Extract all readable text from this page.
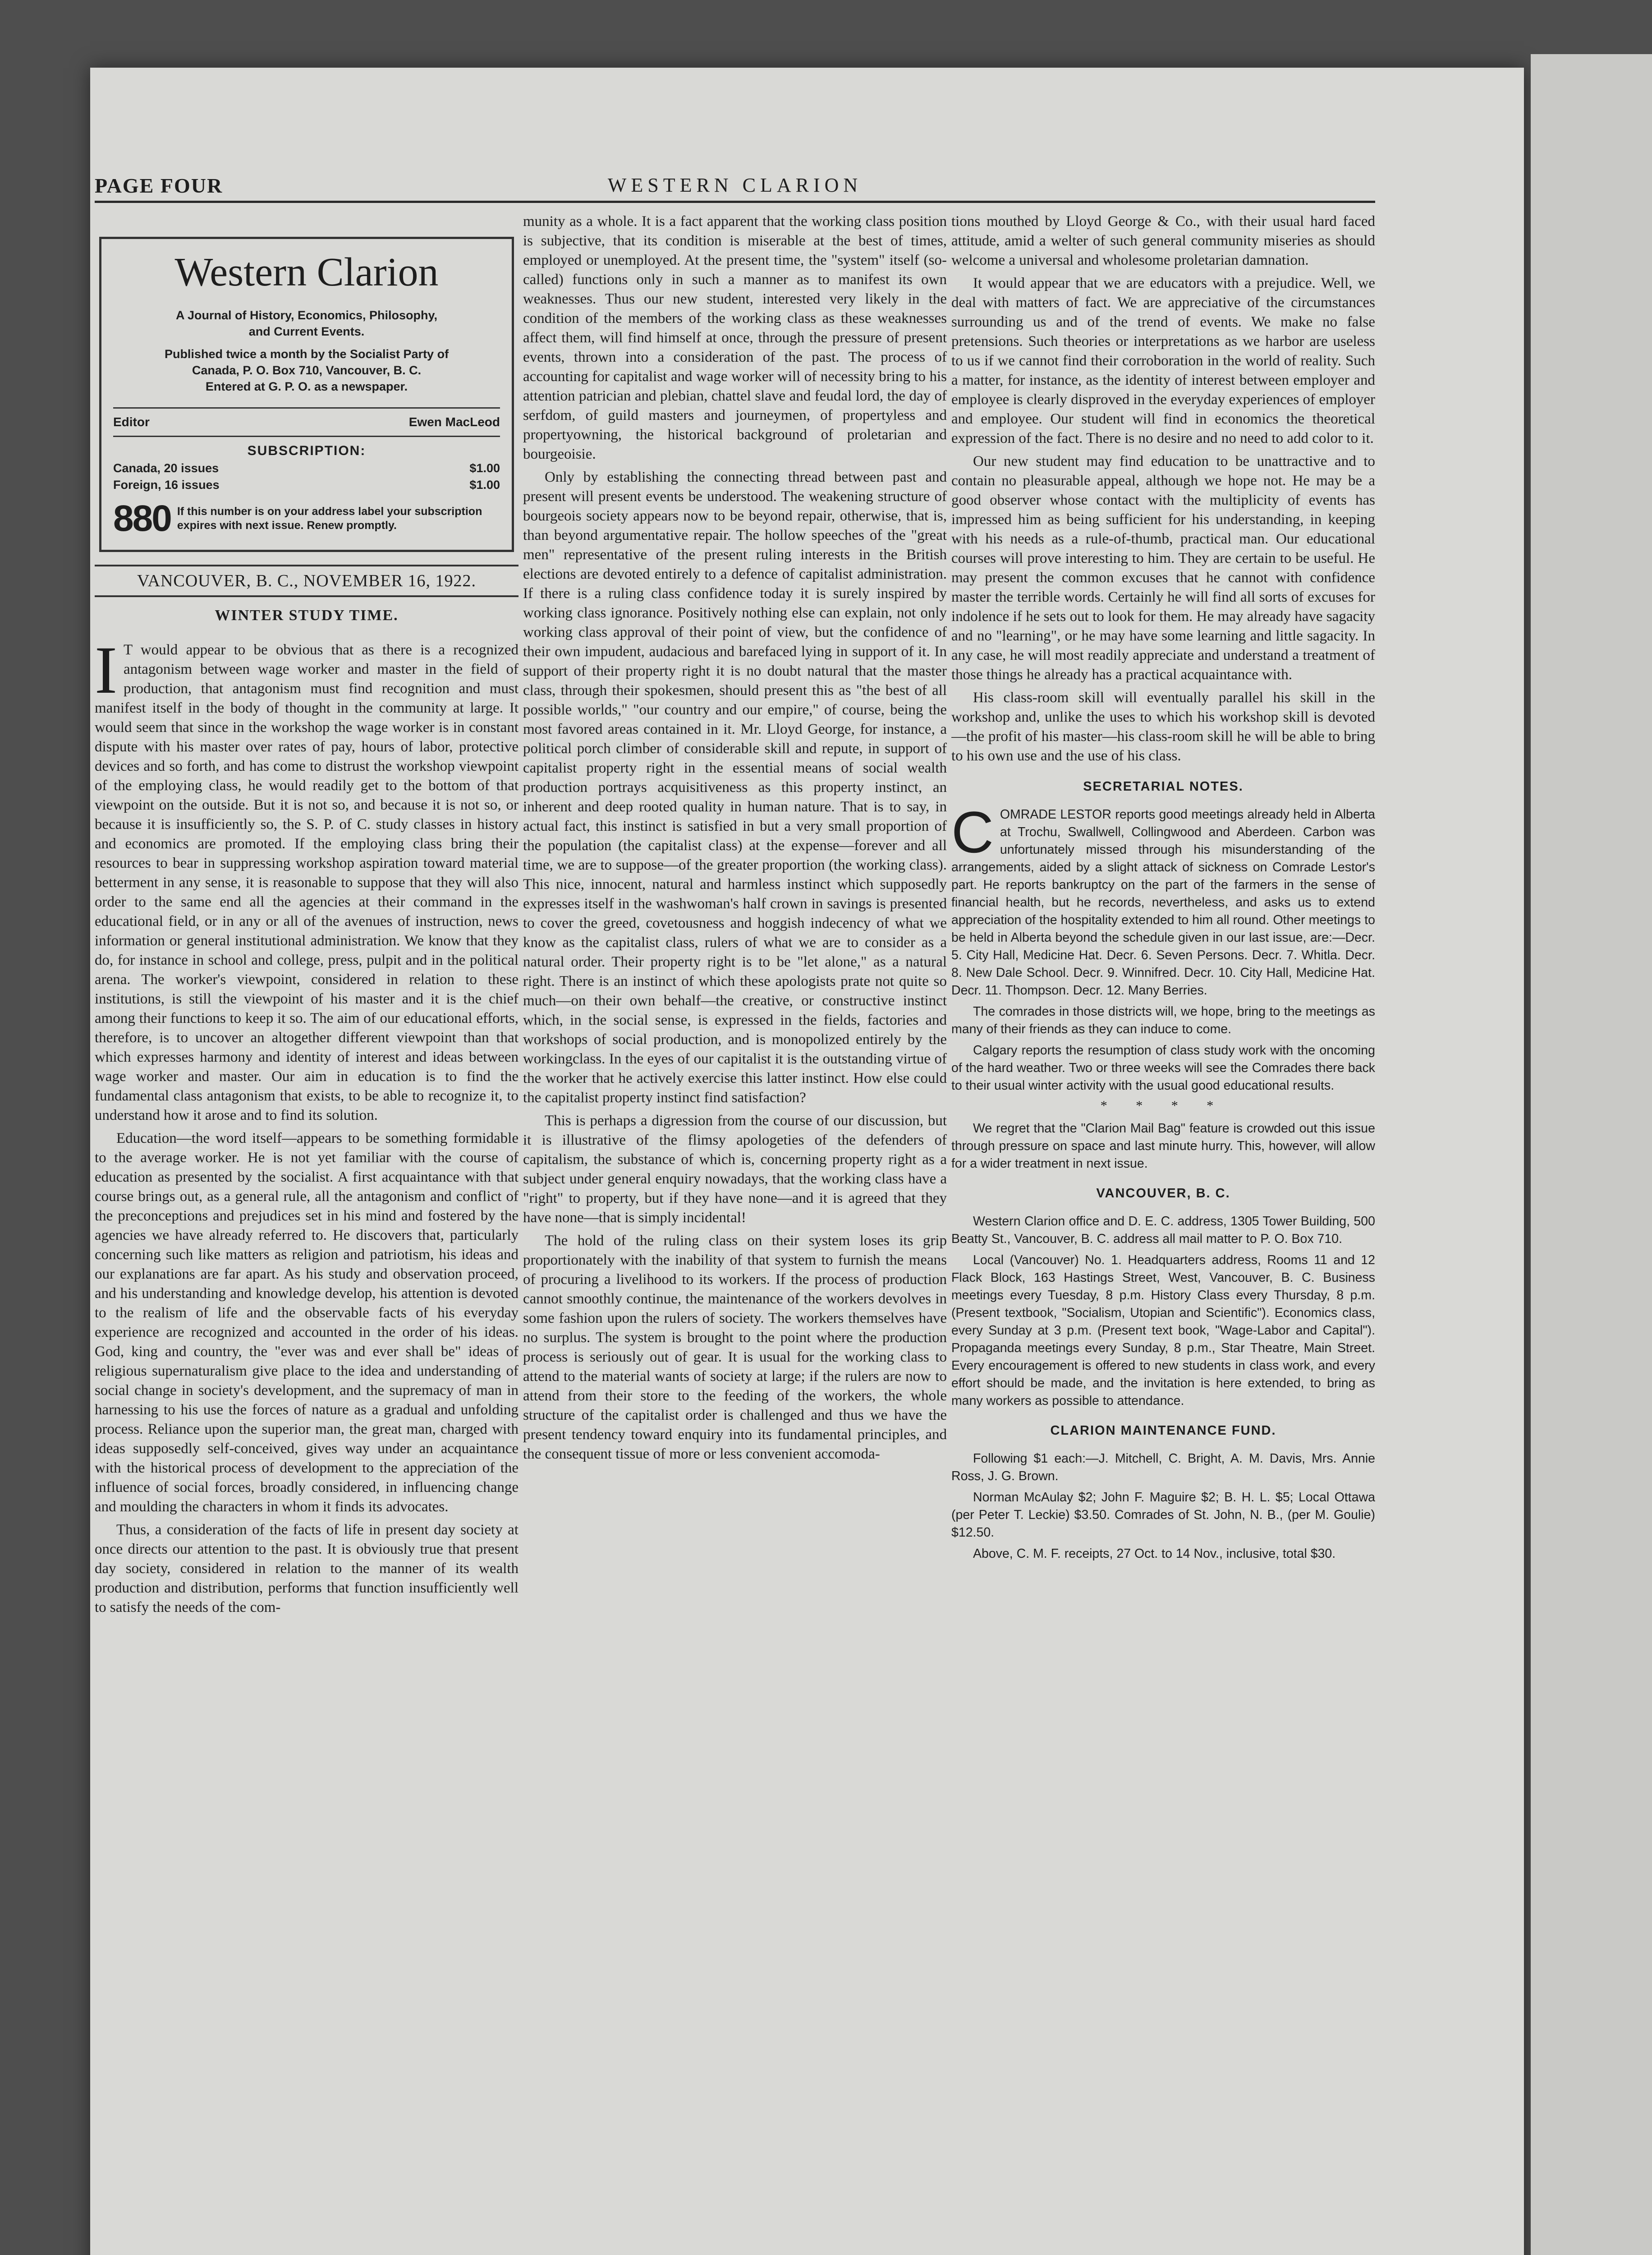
PAGE FOUR	WESTERN CLARION
Western Clarion
A Journal of History, Economics, Philosophy,
and Current Events.
Published twice a month by the Socialist Party of
Canada, P. O. Box 710, Vancouver, B. C.
Entered at G. P. O. as a newspaper.
Editor	Ewen MacLeod
SUBSCRIPTION:
Canada, 20 issues	$1.00
Foreign, 16 issues	$1.00
880 If this number is on your address label your subscription expires with next issue. Renew promptly.
VANCOUVER, B. C., NOVEMBER 16, 1922.
WINTER STUDY TIME.

I T would appear to be obvious that as there is a recognized antagonism between wage worker and master in the field of production, that antagonism must find recognition and must manifest itself in the body of thought in the community at large. It would seem that since in the workshop the wage worker is in constant dispute with his master over rates of pay, hours of labor, protective devices and so forth, and has come to distrust the workshop viewpoint of the employing class, he would readily get to the bottom of that viewpoint on the outside. But it is not so, and because it is not so, or because it is insufficiently so, the S. P. of C. study classes in history and economics are promoted. If the employing class bring their resources to bear in suppressing workshop aspiration toward material betterment in any sense, it is reasonable to suppose that they will also order to the same end all the agencies at their command in the educational field, or in any or all of the avenues of instruction, news information or general institutional administration. We know that they do, for instance in school and college, press, pulpit and in the political arena. The worker's viewpoint, considered in relation to these institutions, is still the viewpoint of his master and it is the chief among their functions to keep it so. The aim of our educational efforts, therefore, is to uncover an altogether different viewpoint than that which expresses harmony and identity of interest and ideas between wage worker and master. Our aim in education is to find the fundamental class antagonism that exists, to be able to recognize it, to understand how it arose and to find its solution.

Education—the word itself—appears to be something formidable to the average worker. He is not yet familiar with the course of education as presented by the socialist. A first acquaintance with that course brings out, as a general rule, all the antagonism and conflict of the preconceptions and prejudices set in his mind and fostered by the agencies we have already referred to. He discovers that, particularly concerning such like matters as religion and patriotism, his ideas and our explanations are far apart. As his study and observation proceed, and his understanding and knowledge develop, his attention is devoted to the realism of life and the observable facts of his everyday experience are recognized and accounted in the order of his ideas. God, king and country, the "ever was and ever shall be" ideas of religious supernaturalism give place to the idea and understanding of social change in society's development, and the supremacy of man in harnessing to his use the forces of nature as a gradual and unfolding process. Reliance upon the superior man, the great man, charged with ideas supposedly self-conceived, gives way under an acquaintance with the historical process of development to the appreciation of the influence of social forces, broadly considered, in influencing change and moulding the characters in whom it finds its advocates.

Thus, a consideration of the facts of life in present day society at once directs our attention to the past. It is obviously true that present day society, considered in relation to the manner of its wealth production and distribution, performs that function insufficiently well to satisfy the needs of the com-

munity as a whole. It is a fact apparent that the working class position is subjective, that its condition is miserable at the best of times, employed or unemployed. At the present time, the "system" itself (so-called) functions only in such a manner as to manifest its own weaknesses. Thus our new student, interested very likely in the condition of the members of the working class as these weaknesses affect them, will find himself at once, through the pressure of present events, thrown into a consideration of the past. The process of accounting for capitalist and wage worker will of necessity bring to his attention patrician and plebian, chattel slave and feudal lord, the day of serfdom, of guild masters and journeymen, of propertyless and propertyowning, the historical background of proletarian and bourgeoisie.

Only by establishing the connecting thread between past and present will present events be understood. The weakening structure of bourgeois society appears now to be beyond repair, otherwise, that is, than beyond argumentative repair. The hollow speeches of the "great men" representative of the present ruling interests in the British elections are devoted entirely to a defence of capitalist administration. If there is a ruling class confidence today it is surely inspired by working class ignorance. Positively nothing else can explain, not only working class approval of their point of view, but the confidence of their own impudent, audacious and barefaced lying in support of it. In support of their property right it is no doubt natural that the master class, through their spokesmen, should present this as "the best of all possible worlds," "our country and our empire," of course, being the most favored areas contained in it. Mr. Lloyd George, for instance, a political porch climber of considerable skill and repute, in support of capitalist property right in the essential means of social wealth production portrays acquisitiveness as this property instinct, an inherent and deep rooted quality in human nature. That is to say, in actual fact, this instinct is satisfied in but a very small proportion of the population (the capitalist class) at the expense—forever and all time, we are to suppose—of the greater proportion (the working class). This nice, innocent, natural and harmless instinct which supposedly expresses itself in the washwoman's half crown in savings is presented to cover the greed, covetousness and hoggish indecency of what we know as the capitalist class, rulers of what we are to consider as a natural order. Their property right is to be "let alone," as a natural right. There is an instinct of which these apologists prate not quite so much—on their own behalf—the creative, or constructive instinct which, in the social sense, is expressed in the fields, factories and workshops of social production, and is monopolized entirely by the workingclass. In the eyes of our capitalist it is the outstanding virtue of the worker that he actively exercise this latter instinct. How else could the capitalist property instinct find satisfaction?

This is perhaps a digression from the course of our discussion, but it is illustrative of the flimsy apologeties of the defenders of capitalism, the substance of which is, concerning property right as a subject under general enquiry nowadays, that the working class have a "right" to property, but if they have none—and it is agreed that they have none—that is simply incidental!

The hold of the ruling class on their system loses its grip proportionately with the inability of that system to furnish the means of procuring a livelihood to its workers. If the process of production cannot smoothly continue, the maintenance of the workers devolves in some fashion upon the rulers of society. The workers themselves have no surplus. The system is brought to the point where the production process is seriously out of gear. It is usual for the working class to attend to the material wants of society at large; if the rulers are now to attend from their store to the feeding of the workers, the whole structure of the capitalist order is challenged and thus we have the present tendency toward enquiry into its fundamental principles, and the consequent tissue of more or less convenient accomoda-

tions mouthed by Lloyd George & Co., with their usual hard faced attitude, amid a welter of such general community miseries as should welcome a universal and wholesome proletarian damnation.

It would appear that we are educators with a prejudice. Well, we deal with matters of fact. We are appreciative of the circumstances surrounding us and of the trend of events. We make no false pretensions. Such theories or interpretations as we harbor are useless to us if we cannot find their corroboration in the world of reality. Such a matter, for instance, as the identity of interest between employer and employee is clearly disproved in the everyday experiences of employer and employee. Our student will find in economics the theoretical expression of the fact. There is no desire and no need to add color to it.

Our new student may find education to be unattractive and to contain no pleasurable appeal, although we hope not. He may be a good observer whose contact with the multiplicity of events has impressed him as being sufficient for his understanding, in keeping with his needs as a rule-of-thumb, practical man. Our educational courses will prove interesting to him. They are certain to be useful. He may present the common excuses that he cannot with confidence master the terrible words. Certainly he will find all sorts of excuses for indolence if he sets out to look for them. He may already have sagacity and no "learning", or he may have some learning and little sagacity. In any case, he will most readily appreciate and understand a treatment of those things he already has a practical acquaintance with.

His class-room skill will eventually parallel his skill in the workshop and, unlike the uses to which his workshop skill is devoted—the profit of his master—his class-room skill he will be able to bring to his own use and the use of his class.

SECRETARIAL NOTES.

COMRADE LESTOR reports good meetings already held in Alberta at Trochu, Swallwell, Collingwood and Aberdeen. Carbon was unfortunately missed through his misunderstanding of the arrangements, aided by a slight attack of sickness on Comrade Lestor's part. He reports bankruptcy on the part of the farmers in the sense of financial health, but he records, nevertheless, and asks us to extend appreciation of the hospitality extended to him all round. Other meetings to be held in Alberta beyond the schedule given in our last issue, are:—Decr. 5. City Hall, Medicine Hat. Decr. 6. Seven Persons. Decr. 7. Whitla. Decr. 8. New Dale School. Decr. 9. Winnifred. Decr. 10. City Hall, Medicine Hat. Decr. 11. Thompson. Decr. 12. Many Berries.

The comrades in those districts will, we hope, bring to the meetings as many of their friends as they can induce to come.

Calgary reports the resumption of class study work with the oncoming of the hard weather. Two or three weeks will see the Comrades there back to their usual winter activity with the usual good educational results.

* * * *

We regret that the "Clarion Mail Bag" feature is crowded out this issue through pressure on space and last minute hurry. This, however, will allow for a wider treatment in next issue.

VANCOUVER, B. C.

Western Clarion office and D. E. C. address, 1305 Tower Building, 500 Beatty St., Vancouver, B. C. address all mail matter to P. O. Box 710.

Local (Vancouver) No. 1. Headquarters address, Rooms 11 and 12 Flack Block, 163 Hastings Street, West, Vancouver, B. C. Business meetings every Tuesday, 8 p.m. History Class every Thursday, 8 p.m. (Present textbook, "Socialism, Utopian and Scientific"). Economics class, every Sunday at 3 p.m. (Present text book, "Wage-Labor and Capital"). Propaganda meetings every Sunday, 8 p.m., Star Theatre, Main Street. Every encouragement is offered to new students in class work, and every effort should be made, and the invitation is here extended, to bring as many workers as possible to attendance.

CLARION MAINTENANCE FUND.

Following $1 each:—J. Mitchell, C. Bright, A. M. Davis, Mrs. Annie Ross, J. G. Brown.

Norman McAulay $2; John F. Maguire $2; B. H. L. $5; Local Ottawa (per Peter T. Leckie) $3.50. Comrades of St. John, N. B., (per M. Goulie) $12.50.

Above, C. M. F. receipts, 27 Oct. to 14 Nov., inclusive, total $30.
